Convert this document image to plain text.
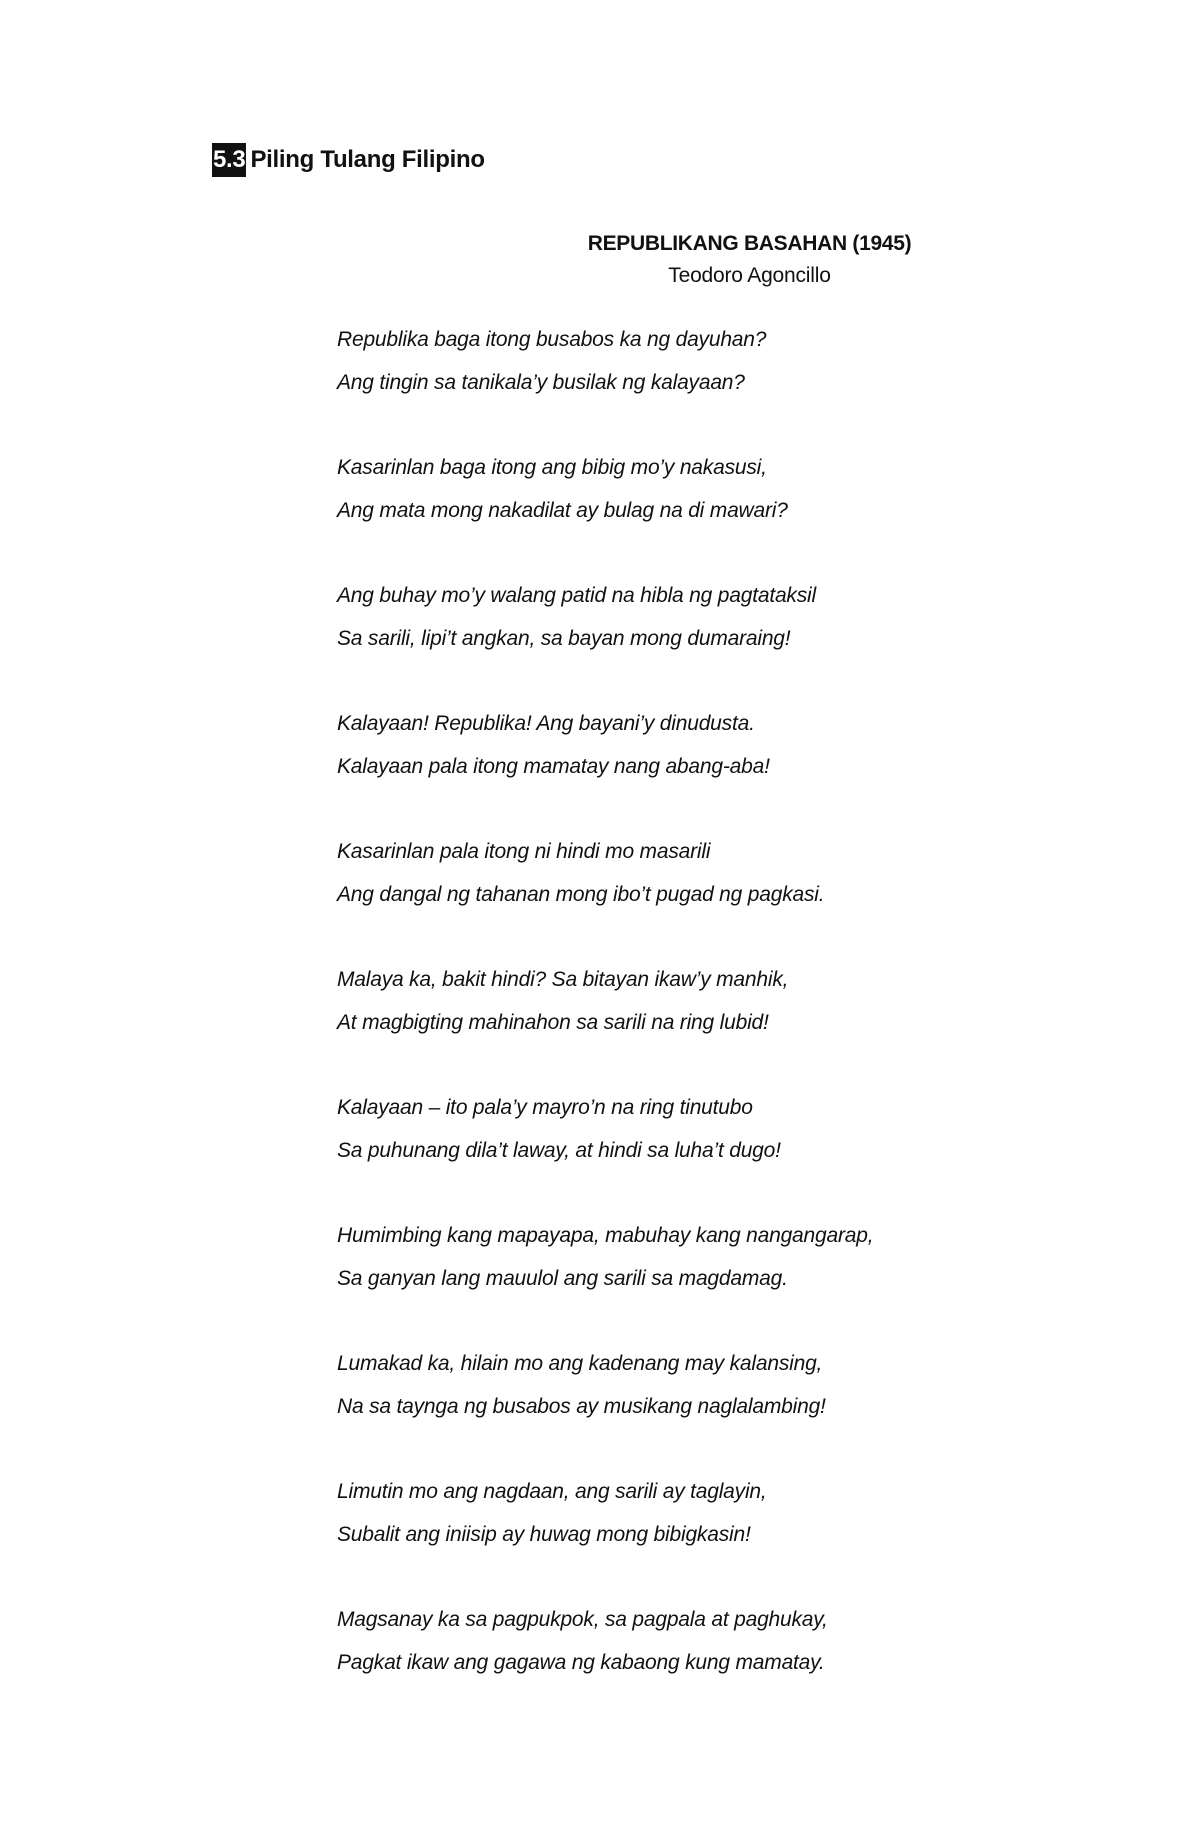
5.3 Piling Tulang Filipino
REPUBLIKANG BASAHAN (1945)
Teodoro Agoncillo
Republika baga itong busabos ka ng dayuhan?
Ang tingin sa tanikala’y busilak ng kalayaan?
Kasarinlan baga itong ang bibig mo’y nakasusi,
Ang mata mong nakadilat ay bulag na di mawari?
Ang buhay mo’y walang patid na hibla ng pagtataksil
Sa sarili, lipi’t angkan, sa bayan mong dumaraing!
Kalayaan! Republika! Ang bayani’y dinudusta.
Kalayaan pala itong mamatay nang abang-aba!
Kasarinlan pala itong ni hindi mo masarili
Ang dangal ng tahanan mong ibo’t pugad ng pagkasi.
Malaya ka, bakit hindi? Sa bitayan ikaw’y manhik,
At magbigting mahinahon sa sarili na ring lubid!
Kalayaan – ito pala’y mayro’n na ring tinutubo
Sa puhunang dila’t laway, at hindi sa luha’t dugo!
Humimbing kang mapayapa, mabuhay kang nangangarap,
Sa ganyan lang mauulol ang sarili sa magdamag.
Lumakad ka, hilain mo ang kadenang may kalansing,
Na sa taynga ng busabos ay musikang naglalambing!
Limutin mo ang nagdaan, ang sarili ay taglayin,
Subalit ang iniisip ay huwag mong bibigkasin!
Magsanay ka sa pagpukpok, sa pagpala at paghukay,
Pagkat ikaw ang gagawa ng kabaong kung mamatay.
